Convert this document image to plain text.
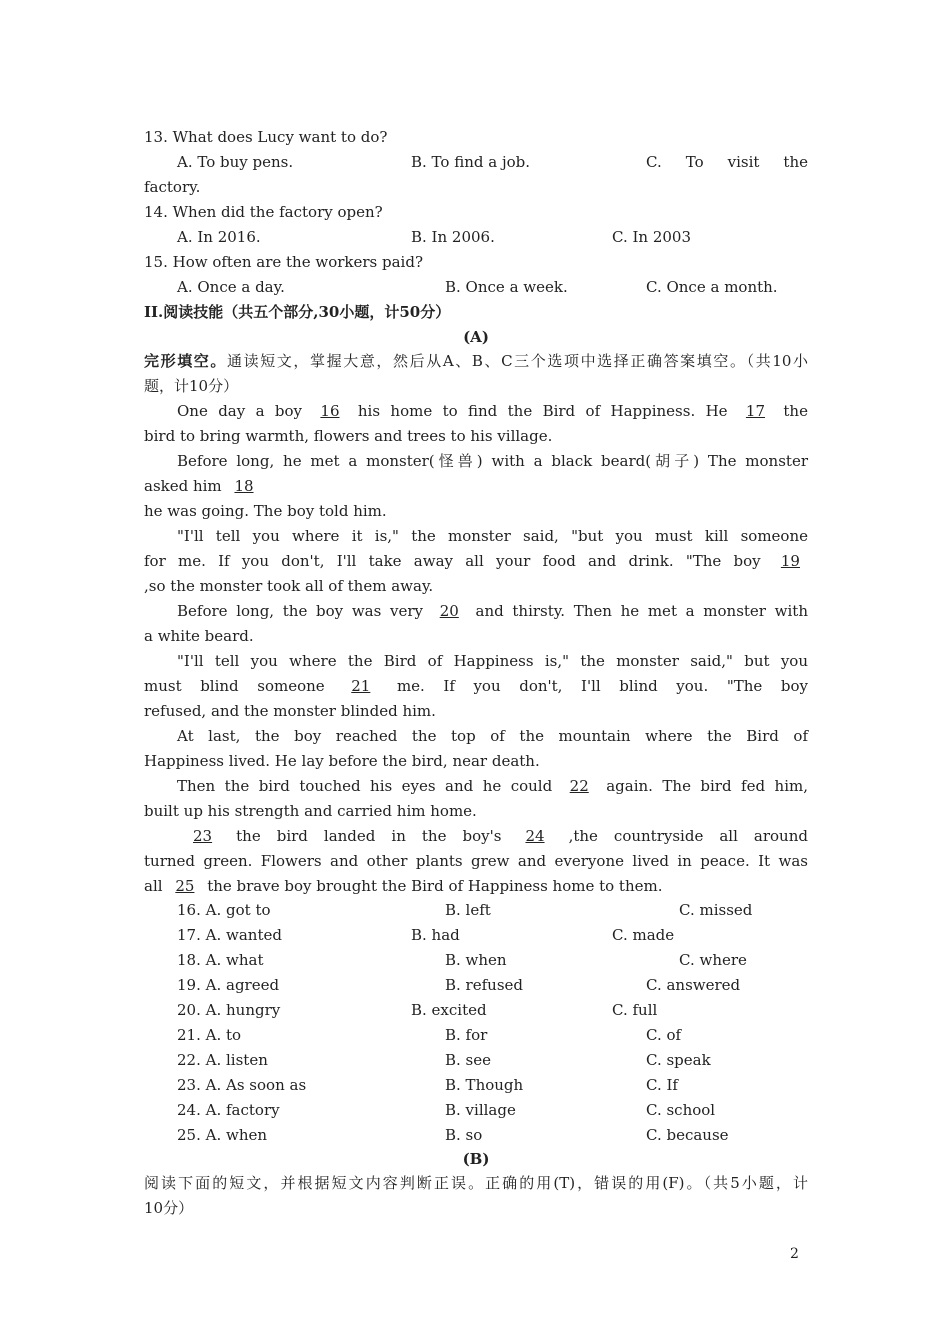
13. What does Lucy want to do?
A. To buy pens.	B. To find a job.	C. To visit the
factory.
14. When did the factory open?
A. In 2016.	B. In 2006.	C. In 2003
15. How often are the workers paid?
A. Once a day.	B. Once a week.	C. Once a month.
II.阅读技能（共五个部分,30小题，计50分）
(A)
完形填空。通读短文，掌握大意，然后从A、B、C三个选项中选择正确答案填空。（共10小
题，计10分）
One day a boy 16 his home to find the Bird of Happiness. He 17 the
bird to bring warmth, flowers and trees to his village.
Before long, he met a monster(怪兽) with a black beard(胡子) The monster
asked him 18
he was going. The boy told him.
"I'll tell you where it is," the monster said, "but you must kill someone
for me. If you don't, I'll take away all your food and drink. "The boy 19
,so the monster took all of them away.
Before long, the boy was very 20 and thirsty. Then he met a monster with
a white beard.
"I'll tell you where the Bird of Happiness is," the monster said," but you
must blind someone 21 me. If you don't, I'll blind you. "The boy
refused, and the monster blinded him.
At last, the boy reached the top of the mountain where the Bird of
Happiness lived. He lay before the bird, near death.
Then the bird touched his eyes and he could 22 again. The bird fed him,
built up his strength and carried him home.
23 the bird landed in the boy's 24 ,the countryside all around
turned green. Flowers and other plants grew and everyone lived in peace. It was
all 25 the brave boy brought the Bird of Happiness home to them.
16. A. got to	B. left	C. missed
17. A. wanted	B. had	C. made
18. A. what	B. when	C. where
19. A. agreed	B. refused	C. answered
20. A. hungry	B. excited	C. full
21. A. to	B. for	C. of
22. A. listen	B. see	C. speak
23. A. As soon as	B. Though	C. If
24. A. factory	B. village	C. school
25. A. when	B. so	C. because
(B)
阅读下面的短文，并根据短文内容判断正误。正确的用(T)，错误的用(F)。（共5小题，计
10分）
2
